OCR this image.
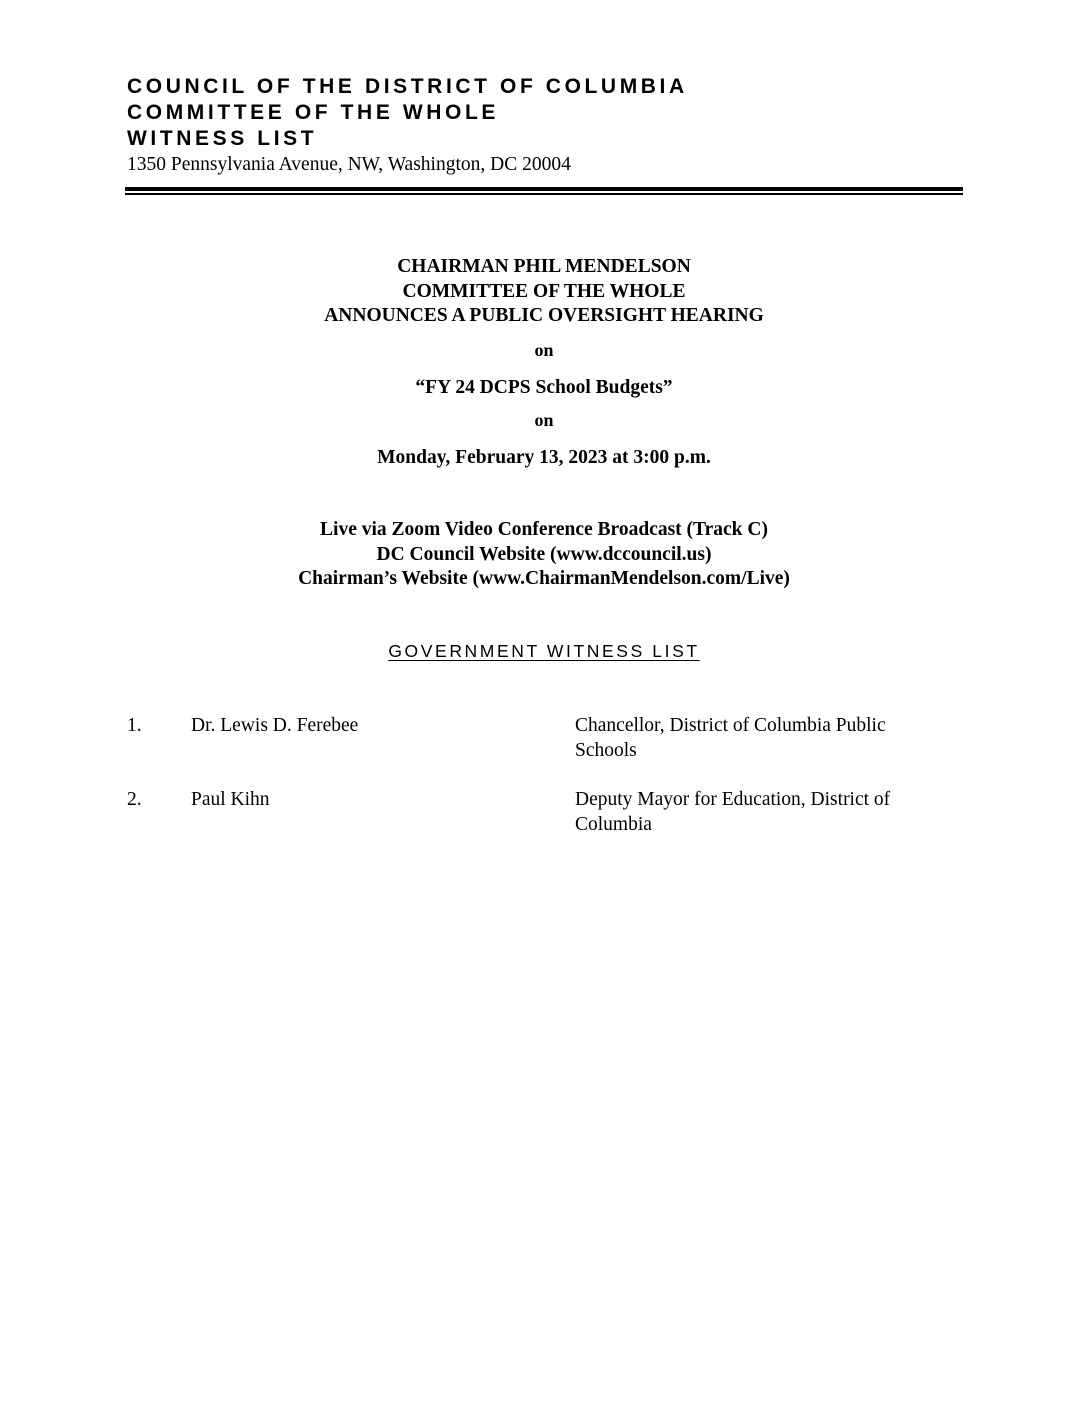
COUNCIL OF THE DISTRICT OF COLUMBIA
COMMITTEE OF THE WHOLE
WITNESS LIST
1350 Pennsylvania Avenue, NW, Washington, DC 20004
CHAIRMAN PHIL MENDELSON
COMMITTEE OF THE WHOLE
ANNOUNCES A PUBLIC OVERSIGHT HEARING
on
“FY 24 DCPS School Budgets”
on
Monday, February 13, 2023 at 3:00 p.m.
Live via Zoom Video Conference Broadcast (Track C)
DC Council Website (www.dccouncil.us)
Chairman’s Website (www.ChairmanMendelson.com/Live)
GOVERNMENT WITNESS LIST
1.	Dr. Lewis D. Ferebee	Chancellor, District of Columbia Public
Schools
2.	Paul Kihn	Deputy Mayor for Education, District of
Columbia
